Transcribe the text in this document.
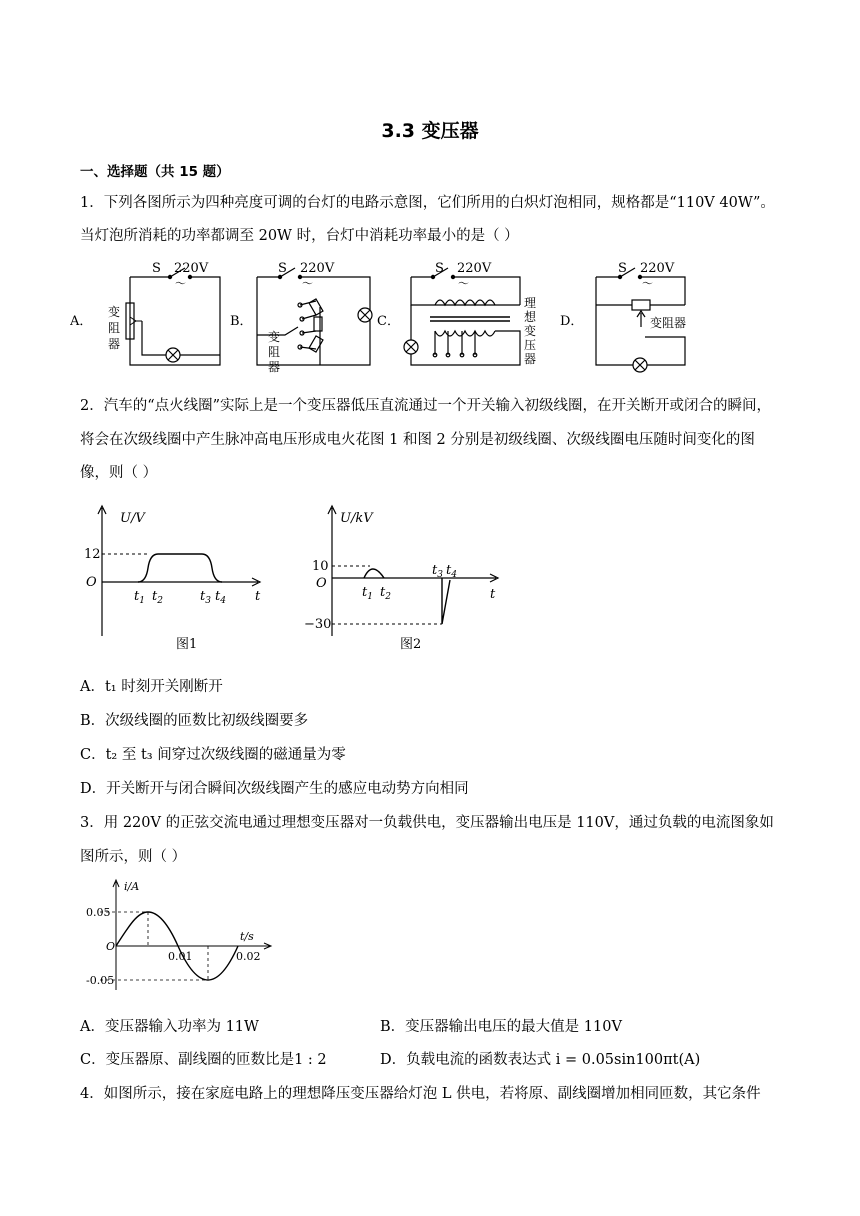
3.3 变压器
一、选择题（共 15 题）
1．下列各图所示为四种亮度可调的台灯的电路示意图，它们所用的白炽灯泡相同，规格都是“110V 40W”。
当灯泡所消耗的功率都调至 20W 时，台灯中消耗功率最小的是（ ）
A．	B．	C．	D．
S 220V
～
S 220V
～
S 220V
～
S 220V
～
变
阻
器	变
阻
器
理
想
变
压
器
变阻器
2．汽车的“点火线圈”实际上是一个变压器低压直流通过一个开关输入初级线圈，在开关断开或闭合的瞬间，
将会在次级线圈中产生脉冲高电压形成电火花图 1 和图 2 分别是初级线圈、次级线圈电压随时间变化的图
像，则（ ）
U/V
12
O
t
$t_1$ $t_2$	$t_3$ $t_4$
图1
U/kV
10
O
−30
t
$t_1$ $t_2$
$t_3$ $t_4$
图2
A．t₁ 时刻开关刚断开
B．次级线圈的匝数比初级线圈要多
C．t₂ 至 t₃ 间穿过次级线圈的磁通量为零
D．开关断开与闭合瞬间次级线圈产生的感应电动势方向相同
3．用 220V 的正弦交流电通过理想变压器对一负载供电，变压器输出电压是 110V，通过负载的电流图象如
图所示，则（ ）
i/A
0.05
-0.05
O
t/s
0.01	0.02
A．变压器输入功率为 11W	B．变压器输出电压的最大值是 110V
C．变压器原、副线圈的匝数比是1 : 2	D．负载电流的函数表达式 i = 0.05sin100πt(A)
4．如图所示，接在家庭电路上的理想降压变压器给灯泡 L 供电，若将原、副线圈增加相同匝数，其它条件
